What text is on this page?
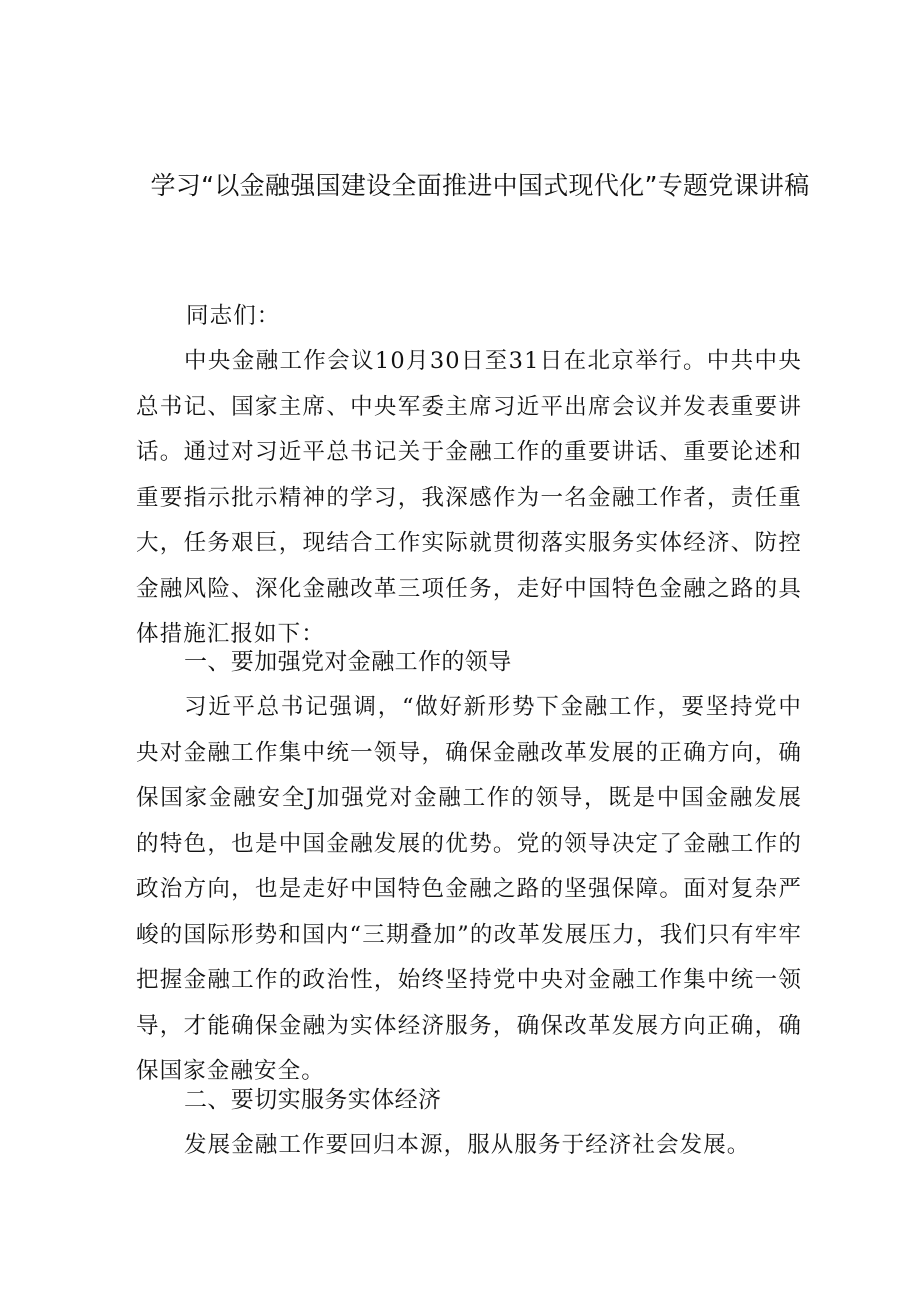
学习“以金融强国建设全面推进中国式现代化”专题党课讲稿

同志们：

中央金融工作会议10月30日至31日在北京举行。中共中央总书记、国家主席、中央军委主席习近平出席会议并发表重要讲话。通过对习近平总书记关于金融工作的重要讲话、重要论述和重要指示批示精神的学习，我深感作为一名金融工作者，责任重大，任务艰巨，现结合工作实际就贯彻落实服务实体经济、防控金融风险、深化金融改革三项任务，走好中国特色金融之路的具体措施汇报如下：

一、要加强党对金融工作的领导

习近平总书记强调，“做好新形势下金融工作，要坚持党中央对金融工作集中统一领导，确保金融改革发展的正确方向，确保国家金融安全J加强党对金融工作的领导，既是中国金融发展的特色，也是中国金融发展的优势。党的领导决定了金融工作的政治方向，也是走好中国特色金融之路的坚强保障。面对复杂严峻的国际形势和国内“三期叠加”的改革发展压力，我们只有牢牢把握金融工作的政治性，始终坚持党中央对金融工作集中统一领导，才能确保金融为实体经济服务，确保改革发展方向正确，确保国家金融安全。

二、要切实服务实体经济

发展金融工作要回归本源，服从服务于经济社会发展。
